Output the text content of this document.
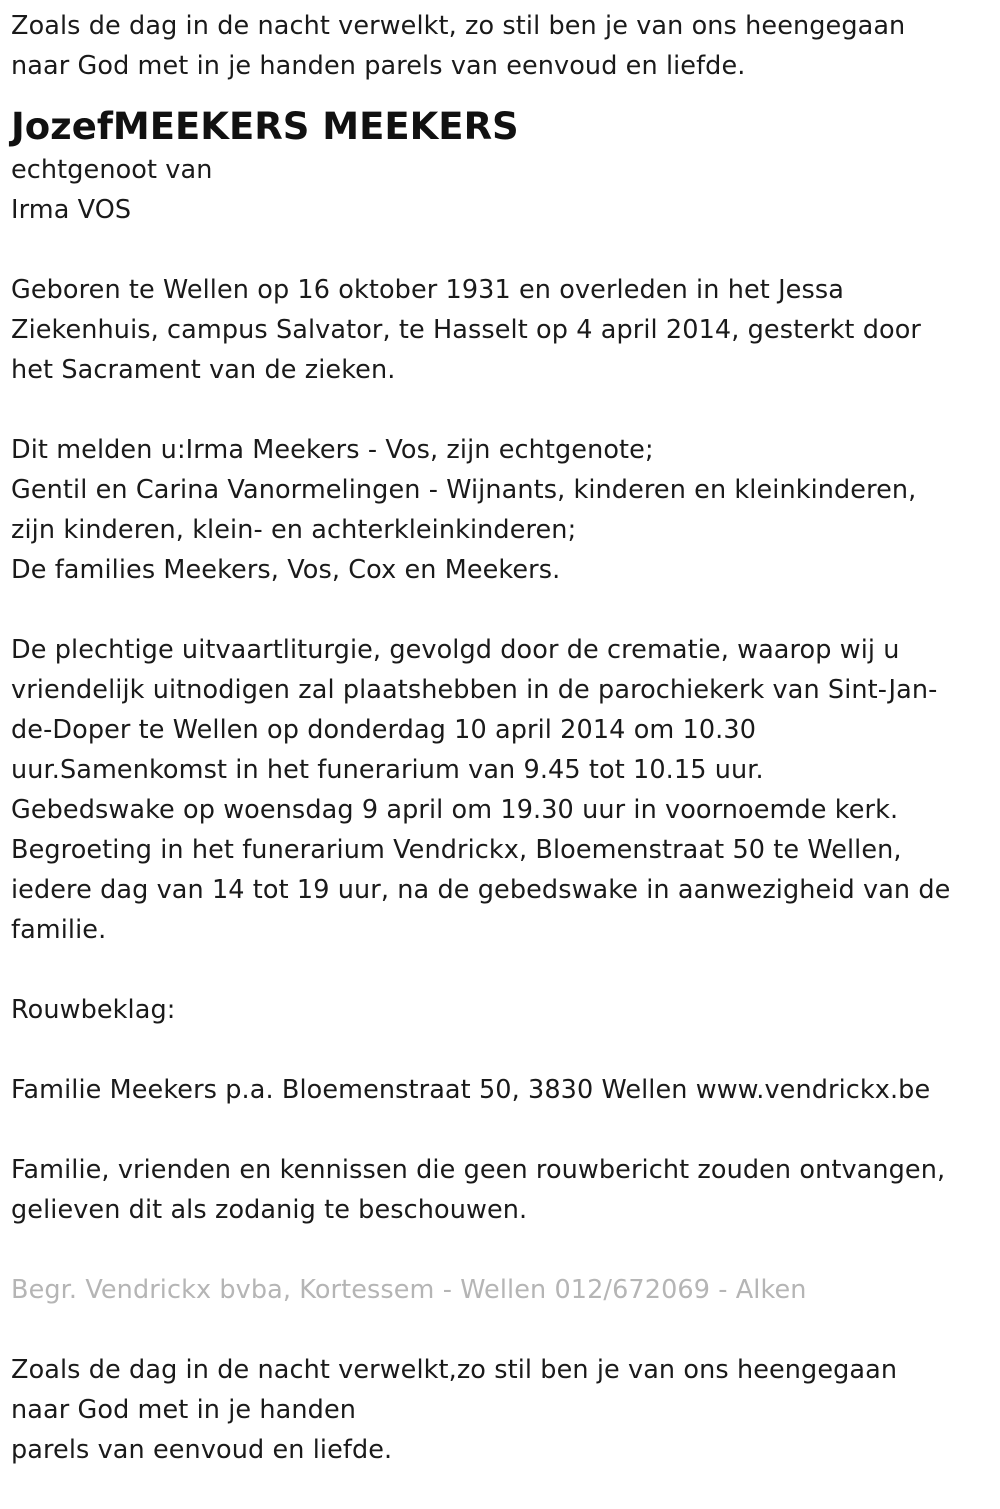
Zoals de dag in de nacht verwelkt, zo stil ben je van ons heengegaan
naar God met in je handen parels van eenvoud en liefde.
JozefMEEKERS MEEKERS
echtgenoot van
Irma VOS
Geboren te Wellen op 16 oktober 1931 en overleden in het Jessa
Ziekenhuis, campus Salvator, te Hasselt op 4 april 2014, gesterkt door
het Sacrament van de zieken.
Dit melden u:Irma Meekers - Vos, zijn echtgenote;
Gentil en Carina Vanormelingen - Wijnants, kinderen en kleinkinderen,
zijn kinderen, klein- en achterkleinkinderen;
De families Meekers, Vos, Cox en Meekers.
De plechtige uitvaartliturgie, gevolgd door de crematie, waarop wij u
vriendelijk uitnodigen zal plaatshebben in de parochiekerk van Sint-Jan-
de-Doper te Wellen op donderdag 10 april 2014 om 10.30
uur.Samenkomst in het funerarium van 9.45 tot 10.15 uur.
Gebedswake op woensdag 9 april om 19.30 uur in voornoemde kerk.
Begroeting in het funerarium Vendrickx, Bloemenstraat 50 te Wellen,
iedere dag van 14 tot 19 uur, na de gebedswake in aanwezigheid van de
familie.
Rouwbeklag:
Familie Meekers p.a. Bloemenstraat 50, 3830 Wellen www.vendrickx.be
Familie, vrienden en kennissen die geen rouwbericht zouden ontvangen,
gelieven dit als zodanig te beschouwen.
Begr. Vendrickx bvba, Kortessem - Wellen 012/672069 - Alken
Zoals de dag in de nacht verwelkt,zo stil ben je van ons heengegaan
naar God met in je handen
parels van eenvoud en liefde.
